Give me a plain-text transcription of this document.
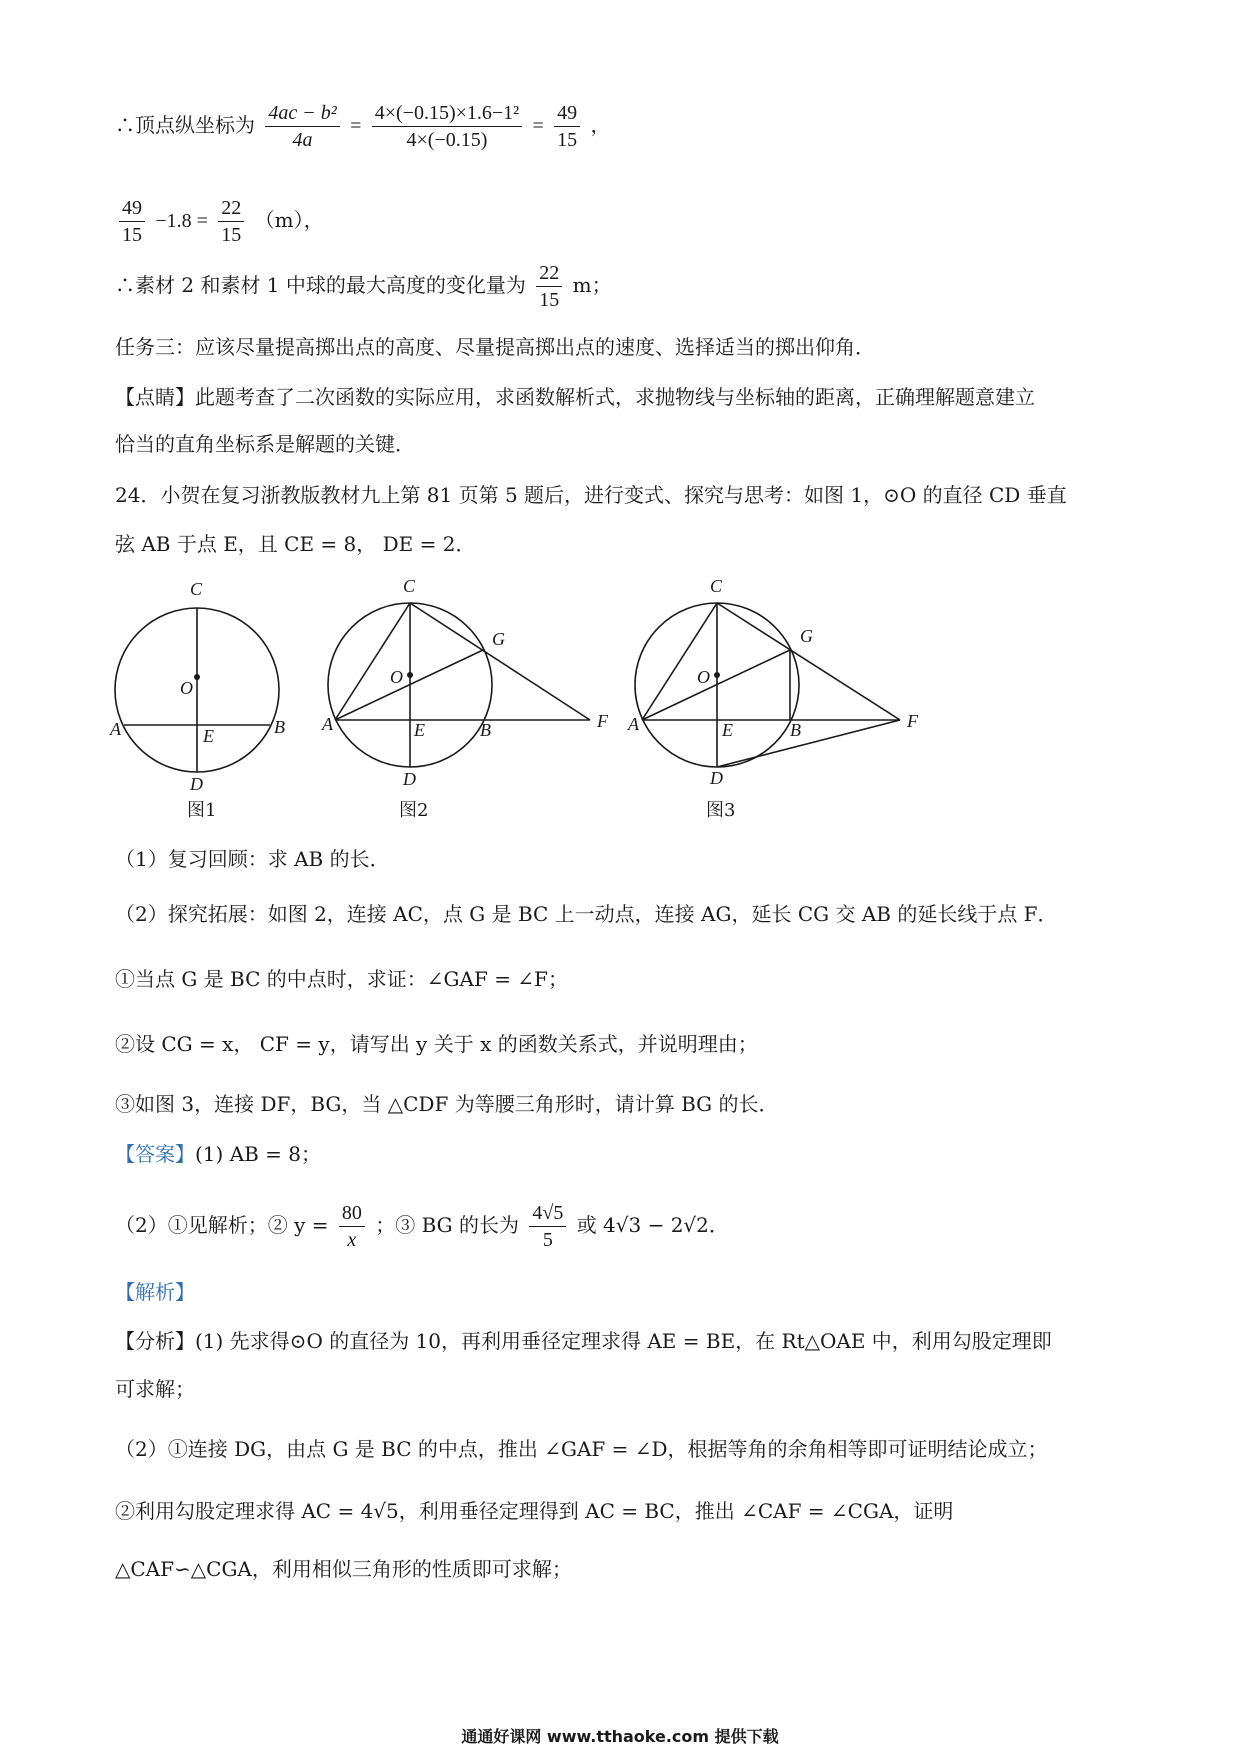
∴顶点纵坐标为 $\frac{\text{4ac − b²}}{4a} = \frac{\text{4×(−0.15)×1.6−1²}}{4\times(-0.15)} = \frac{49}{15}$ ，
$\frac{49}{15} -1.8 = \frac{22}{15} (m)$，
∴素材 2 和素材 1 中球的最大高度的变化量为 $\frac{22}{15}$ m；
任务三：应该尽量提高掷出点的高度、尽量提高掷出点的速度、选择适当的掷出仰角．
【点睛】此题考查了二次函数的实际应用，求函数解析式，求抛物线与坐标轴的距离，正确理解题意建立
恰当的直角坐标系是解题的关键．
24．小贺在复习浙教版教材九上第 81 页第 5 题后，进行变式、探究与思考：如图 1，⊙O 的直径 CD 垂直
弦 AB 于点 E，且 CE = 8， DE = 2．
C
O
A	E	B
D
C
G
O
A	E	B	F
D
C
G
O
A	E	B	F
D
图1	图2	图3
（1）复习回顾：求 AB 的长．
（2）探究拓展：如图 2，连接 AC，点 G 是 BC 上一动点，连接 AG，延长 CG 交 AB 的延长线于点 F．
①当点 G 是 BC 的中点时，求证：∠GAF = ∠F；
②设 CG = x， CF = y，请写出 y 关于 x 的函数关系式，并说明理由；
③如图 3，连接 DF，BG，当 △CDF 为等腰三角形时，请计算 BG 的长．
【答案】(1) AB = 8；
（2）①见解析；② $y = \frac{80}{x}$ ；③ BG 的长为 $\frac{4√5}{5}$ 或 4√3 − 2√2．
【解析】
【分析】(1) 先求得⊙O 的直径为 10，再利用垂径定理求得 AE = BE，在 Rt△OAE 中，利用勾股定理即
可求解；
（2）①连接 DG，由点 G 是 BC 的中点，推出 ∠GAF = ∠D，根据等角的余角相等即可证明结论成立；
②利用勾股定理求得 AC = 4√5，利用垂径定理得到 AC = BC，推出 ∠CAF = ∠CGA，证明
△CAF∽△CGA，利用相似三角形的性质即可求解；
通通好课网 www.tthaoke.com 提供下载
